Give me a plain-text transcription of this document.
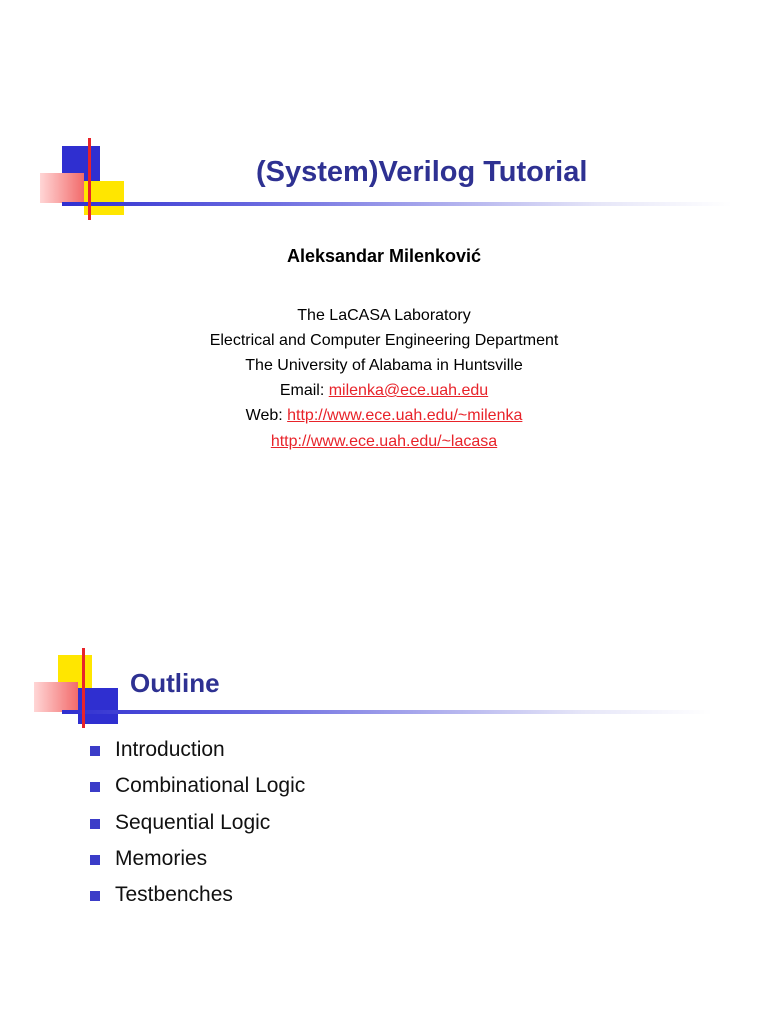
(System)Verilog Tutorial
Aleksandar Milenković
The LaCASA Laboratory
Electrical and Computer Engineering Department
The University of Alabama in Huntsville
Email: milenka@ece.uah.edu
Web: http://www.ece.uah.edu/~milenka
http://www.ece.uah.edu/~lacasa
Outline
Introduction
Combinational Logic
Sequential Logic
Memories
Testbenches
